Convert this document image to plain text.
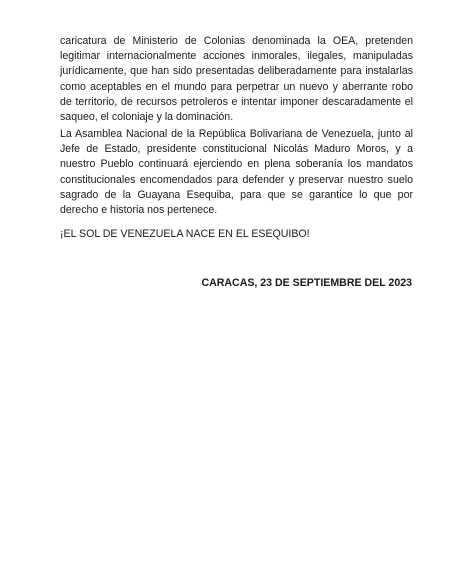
caricatura de Ministerio de Colonias denominada la OEA, pretenden legitimar internacionalmente acciones inmorales, ilegales, manipuladas jurídicamente, que han sido presentadas deliberadamente para instalarlas como aceptables en el mundo para perpetrar un nuevo y aberrante robo de territorio, de recursos petroleros e intentar imponer descaradamente el saqueo, el coloniaje y la dominación.

La Asamblea Nacional de la República Bolivariana de Venezuela, junto al Jefe de Estado, presidente constitucional Nicolás Maduro Moros, y a nuestro Pueblo continuará ejerciendo en plena soberanía los mandatos constitucionales encomendados para defender y preservar nuestro suelo sagrado de la Guayana Esequiba, para que se garantice lo que por derecho e historia nos pertenece.

¡EL SOL DE VENEZUELA NACE EN EL ESEQUIBO!

CARACAS, 23 DE SEPTIEMBRE DEL 2023
